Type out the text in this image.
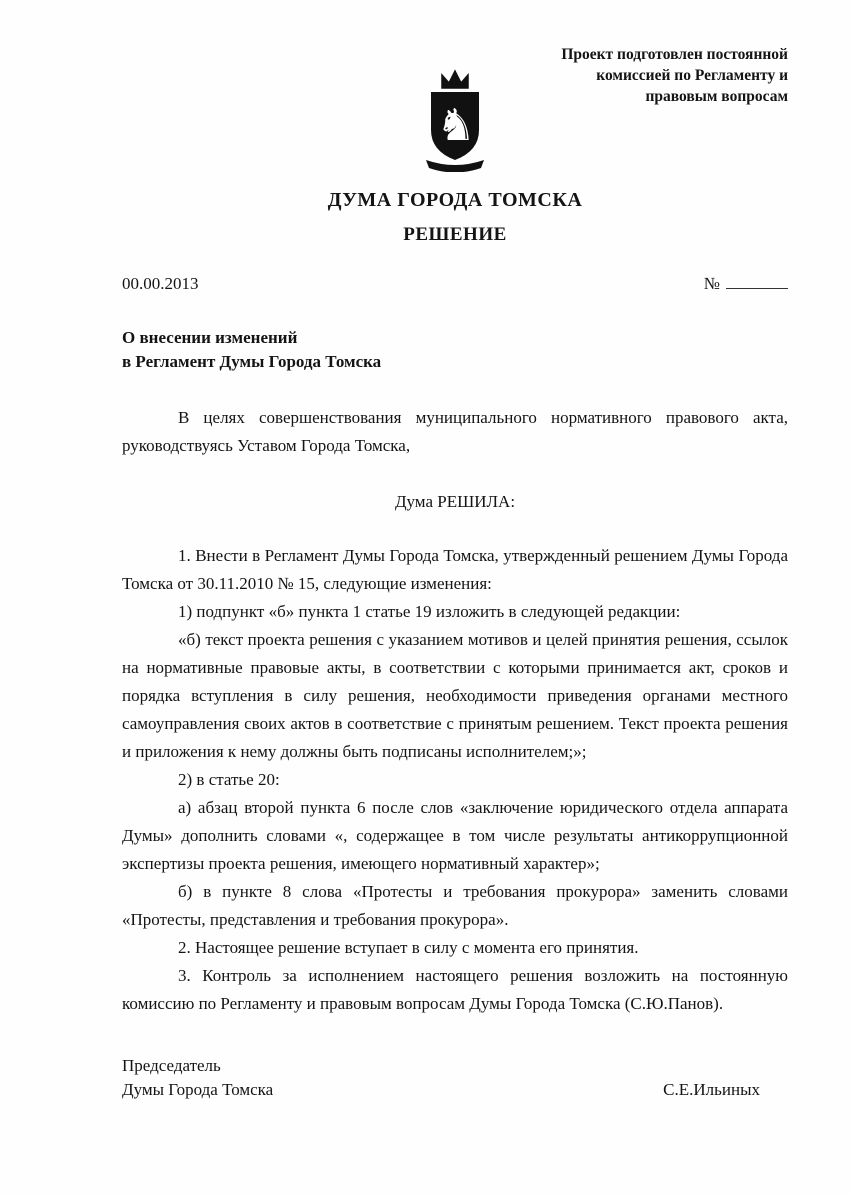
Проект подготовлен постоянной
комиссией по Регламенту и
правовым вопросам
♞
ДУМА ГОРОДА ТОМСКА
РЕШЕНИЕ
00.00.2013	№
О внесении изменений
в Регламент Думы Города Томска

В целях совершенствования муниципального нормативного правового акта, руководствуясь Уставом Города Томска,

Дума РЕШИЛА:

1. Внести в Регламент Думы Города Томска, утвержденный решением Думы Города Томска от 30.11.2010 № 15, следующие изменения:

1) подпункт «б» пункта 1 статье 19 изложить в следующей редакции:

«б) текст проекта решения с указанием мотивов и целей принятия решения, ссылок на нормативные правовые акты, в соответствии с которыми принимается акт, сроков и порядка вступления в силу решения, необходимости приведения органами местного самоуправления своих актов в соответствие с принятым решением. Текст проекта решения и приложения к нему должны быть подписаны исполнителем;»;

2) в статье 20:

а) абзац второй пункта 6 после слов «заключение юридического отдела аппарата Думы» дополнить словами «, содержащее в том числе результаты антикоррупционной экспертизы проекта решения, имеющего нормативный характер»;

б) в пункте 8 слова «Протесты и требования прокурора» заменить словами «Протесты, представления и требования прокурора».

2. Настоящее решение вступает в силу с момента его принятия.

3. Контроль за исполнением настоящего решения возложить на постоянную комиссию по Регламенту и правовым вопросам Думы Города Томска (С.Ю.Панов).

Председатель
Думы Города Томска	С.Е.Ильиных
